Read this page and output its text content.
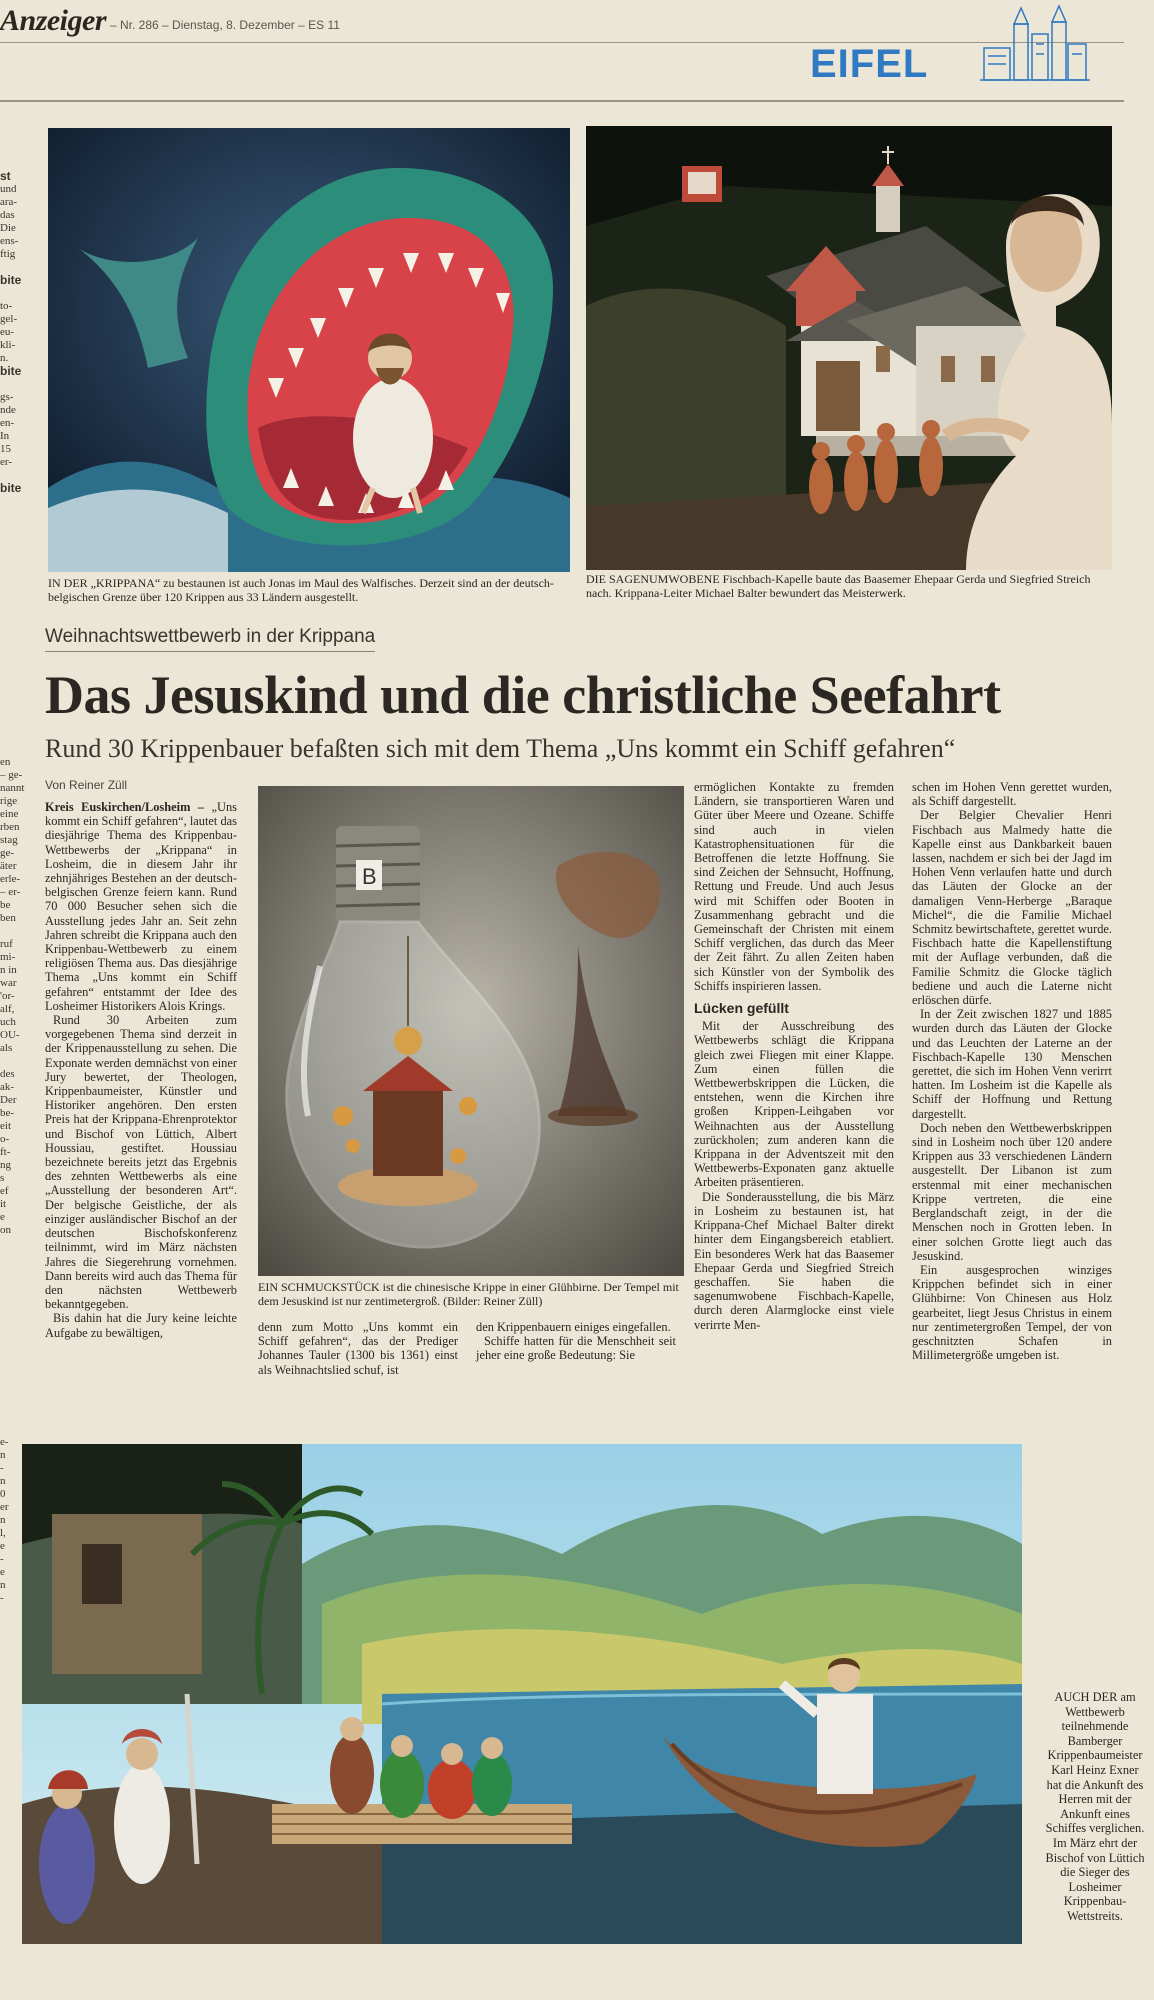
Anzeiger – Nr. 286 – Dienstag, 8. Dezember – ES 11
EIFEL
st
und
ara-
das
Die
ens-
ftig

bite

to-
gel-
eu-
kli-
n.
bite

gs-
nde
en-
In
15
er-

bite
en
– ge-
nannt
rige
eine
rben
stag
ge-
äter
erle-
– er-
be
ben

ruf
mi-
n in
war
'or-
alf,
uch
OU-
als

des
ak-
Der
be-
eit
o-
ft-
ng
s
ef
it
e
on
e-
n
-
n
0
er
n
l,
e
-
e
n
-
IN DER „KRIPPANA“ zu bestaunen ist auch Jonas im Maul des Walfisches. Derzeit sind an der deutsch-belgischen Grenze über 120 Krippen aus 33 Ländern ausgestellt.
DIE SAGENUMWOBENE Fischbach-Kapelle baute das Baasemer Ehepaar Gerda und Siegfried Streich nach. Krippana-Leiter Michael Balter bewundert das Meisterwerk.
Weihnachtswettbewerb in der Krippana
Das Jesuskind und die christliche Seefahrt
Rund 30 Krippenbauer befaßten sich mit dem Thema „Uns kommt ein Schiff gefahren“
Von Reiner Züll

Kreis Euskirchen/Losheim – „Uns kommt ein Schiff gefahren“, lautet das diesjährige Thema des Krippenbau-Wettbewerbs der „Krippana“ in Losheim, die in diesem Jahr ihr zehnjähriges Bestehen an der deutsch-belgischen Grenze feiern kann. Rund 70 000 Besucher sehen sich die Ausstellung jedes Jahr an. Seit zehn Jahren schreibt die Krippana auch den Krippenbau-Wettbewerb zu einem religiösen Thema aus. Das diesjährige Thema „Uns kommt ein Schiff gefahren“ entstammt der Idee des Losheimer Historikers Alois Krings.

Rund 30 Arbeiten zum vorgegebenen Thema sind derzeit in der Krippenausstellung zu sehen. Die Exponate werden demnächst von einer Jury bewertet, der Theologen, Krippenbaumeister, Künstler und Historiker angehören. Den ersten Preis hat der Krippana-Ehrenprotektor und Bischof von Lüttich, Albert Houssiau, gestiftet. Houssiau bezeichnete bereits jetzt das Ergebnis des zehnten Wettbewerbs als eine „Ausstellung der besonderen Art“. Der belgische Geistliche, der als einziger ausländischer Bischof an der deutschen Bischofskonferenz teilnimmt, wird im März nächsten Jahres die Siegerehrung vornehmen. Dann bereits wird auch das Thema für den nächsten Wettbewerb bekanntgegeben.

Bis dahin hat die Jury keine leichte Aufgabe zu bewältigen,

B
EIN SCHMUCKSTÜCK ist die chinesische Krippe in einer Glühbirne. Der Tempel mit dem Jesuskind ist nur zentimetergroß. (Bilder: Reiner Züll)

denn zum Motto „Uns kommt ein Schiff gefahren“, das der Prediger Johannes Tauler (1300 bis 1361) einst als Weihnachtslied schuf, ist

den Krippenbauern einiges eingefallen.

Schiffe hatten für die Menschheit seit jeher eine große Bedeutung: Sie

ermöglichen Kontakte zu fremden Ländern, sie transportieren Waren und Güter über Meere und Ozeane. Schiffe sind auch in vielen Katastrophensituationen für die Betroffenen die letzte Hoffnung. Sie sind Zeichen der Sehnsucht, Hoffnung, Rettung und Freude. Und auch Jesus wird mit Schiffen oder Booten in Zusammenhang gebracht und die Gemeinschaft der Christen mit einem Schiff verglichen, das durch das Meer der Zeit fährt. Zu allen Zeiten haben sich Künstler von der Symbolik des Schiffs inspirieren lassen.

Lücken gefüllt

Mit der Ausschreibung des Wettbewerbs schlägt die Krippana gleich zwei Fliegen mit einer Klappe. Zum einen füllen die Wettbewerbskrippen die Lücken, die entstehen, wenn die Kirchen ihre großen Krippen-Leihgaben vor Weihnachten aus der Ausstellung zurückholen; zum anderen kann die Krippana in der Adventszeit mit den Wettbewerbs-Exponaten ganz aktuelle Arbeiten präsentieren.

Die Sonderausstellung, die bis März in Losheim zu bestaunen ist, hat Krippana-Chef Michael Balter direkt hinter dem Eingangsbereich etabliert. Ein besonderes Werk hat das Baasemer Ehepaar Gerda und Siegfried Streich geschaffen. Sie haben die sagenumwobene Fischbach-Kapelle, durch deren Alarmglocke einst viele verirrte Men-

schen im Hohen Venn gerettet wurden, als Schiff dargestellt.

Der Belgier Chevalier Henri Fischbach aus Malmedy hatte die Kapelle einst aus Dankbarkeit bauen lassen, nachdem er sich bei der Jagd im Hohen Venn verlaufen hatte und durch das Läuten der Glocke an der damaligen Venn-Herberge „Baraque Michel“, die die Familie Michael Schmitz bewirtschaftete, gerettet wurde. Fischbach hatte die Kapellenstiftung mit der Auflage verbunden, daß die Familie Schmitz die Glocke täglich bediene und auch die Laterne nicht erlöschen dürfe.

In der Zeit zwischen 1827 und 1885 wurden durch das Läuten der Glocke und das Leuchten der Laterne an der Fischbach-Kapelle 130 Menschen gerettet, die sich im Hohen Venn verirrt hatten. Im Losheim ist die Kapelle als Schiff der Hoffnung und Rettung dargestellt.

Doch neben den Wettbewerbskrippen sind in Losheim noch über 120 andere Krippen aus 33 verschiedenen Ländern ausgestellt. Der Libanon ist zum erstenmal mit einer mechanischen Krippe vertreten, die eine Berglandschaft zeigt, in der die Menschen noch in Grotten leben. In einer solchen Grotte liegt auch das Jesuskind.

Ein ausgesprochen winziges Krippchen befindet sich in einer Glühbirne: Von Chinesen aus Holz gearbeitet, liegt Jesus Christus in einem nur zentimetergroßen Tempel, der von geschnitzten Schafen in Millimetergröße umgeben ist.

AUCH DER am Wettbewerb teilnehmende Bamberger Krippenbaumeister Karl Heinz Exner hat die Ankunft des Herren mit der Ankunft eines Schiffes verglichen. Im März ehrt der Bischof von Lüttich die Sieger des Losheimer Krippenbau-Wettstreits.
